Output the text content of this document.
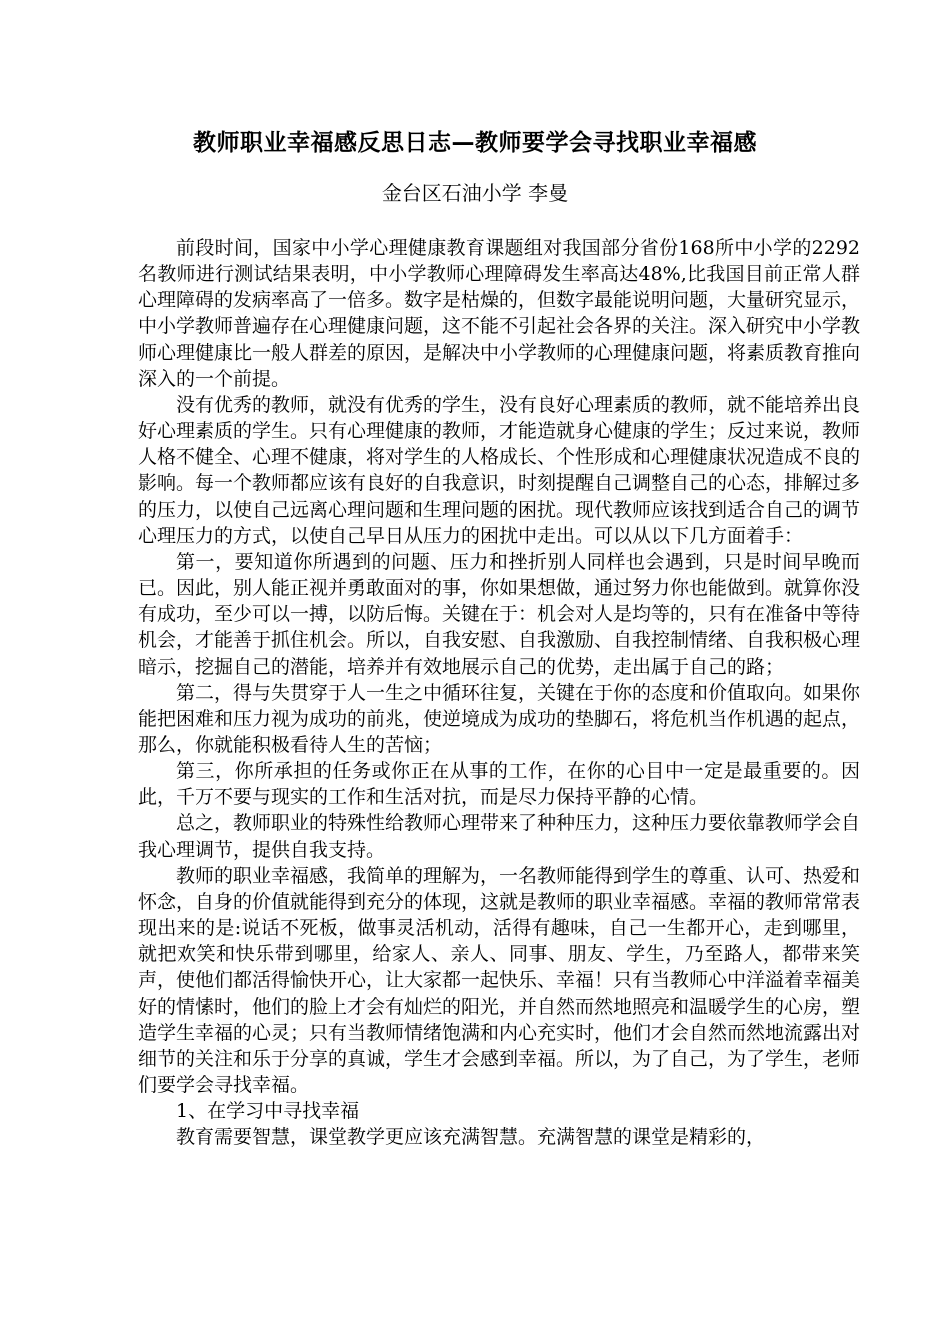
教师职业幸福感反思日志—教师要学会寻找职业幸福感
金台区石油小学 李曼

前段时间，国家中小学心理健康教育课题组对我国部分省份168所中小学的2292名教师进行测试结果表明，中小学教师心理障碍发生率高达48%,比我国目前正常人群心理障碍的发病率高了一倍多。数字是枯燥的，但数字最能说明问题，大量研究显示，中小学教师普遍存在心理健康问题，这不能不引起社会各界的关注。深入研究中小学教师心理健康比一般人群差的原因，是解决中小学教师的心理健康问题，将素质教育推向深入的一个前提。

没有优秀的教师，就没有优秀的学生，没有良好心理素质的教师，就不能培养出良好心理素质的学生。只有心理健康的教师，才能造就身心健康的学生；反过来说，教师人格不健全、心理不健康，将对学生的人格成长、个性形成和心理健康状况造成不良的影响。每一个教师都应该有良好的自我意识，时刻提醒自己调整自己的心态，排解过多的压力，以使自己远离心理问题和生理问题的困扰。现代教师应该找到适合自己的调节心理压力的方式，以使自己早日从压力的困扰中走出。可以从以下几方面着手：

第一，要知道你所遇到的问题、压力和挫折别人同样也会遇到，只是时间早晚而已。因此，别人能正视并勇敢面对的事，你如果想做，通过努力你也能做到。就算你没有成功，至少可以一搏，以防后悔。关键在于：机会对人是均等的，只有在准备中等待机会，才能善于抓住机会。所以，自我安慰、自我激励、自我控制情绪、自我积极心理暗示，挖掘自己的潜能，培养并有效地展示自己的优势，走出属于自己的路；

第二，得与失贯穿于人一生之中循环往复，关键在于你的态度和价值取向。如果你能把困难和压力视为成功的前兆，使逆境成为成功的垫脚石，将危机当作机遇的起点，那么，你就能积极看待人生的苦恼；

第三，你所承担的任务或你正在从事的工作，在你的心目中一定是最重要的。因此，千万不要与现实的工作和生活对抗，而是尽力保持平静的心情。

总之，教师职业的特殊性给教师心理带来了种种压力，这种压力要依靠教师学会自我心理调节，提供自我支持。

教师的职业幸福感，我简单的理解为，一名教师能得到学生的尊重、认可、热爱和怀念，自身的价值就能得到充分的体现，这就是教师的职业幸福感。幸福的教师常常表现出来的是:说话不死板，做事灵活机动，活得有趣味，自己一生都开心，走到哪里，就把欢笑和快乐带到哪里，给家人、亲人、同事、朋友、学生，乃至路人，都带来笑声，使他们都活得愉快开心，让大家都一起快乐、幸福！只有当教师心中洋溢着幸福美好的情愫时，他们的脸上才会有灿烂的阳光，并自然而然地照亮和温暖学生的心房，塑造学生幸福的心灵；只有当教师情绪饱满和内心充实时，他们才会自然而然地流露出对细节的关注和乐于分享的真诚，学生才会感到幸福。所以，为了自己，为了学生，老师们要学会寻找幸福。

1、在学习中寻找幸福

教育需要智慧，课堂教学更应该充满智慧。充满智慧的课堂是精彩的，
